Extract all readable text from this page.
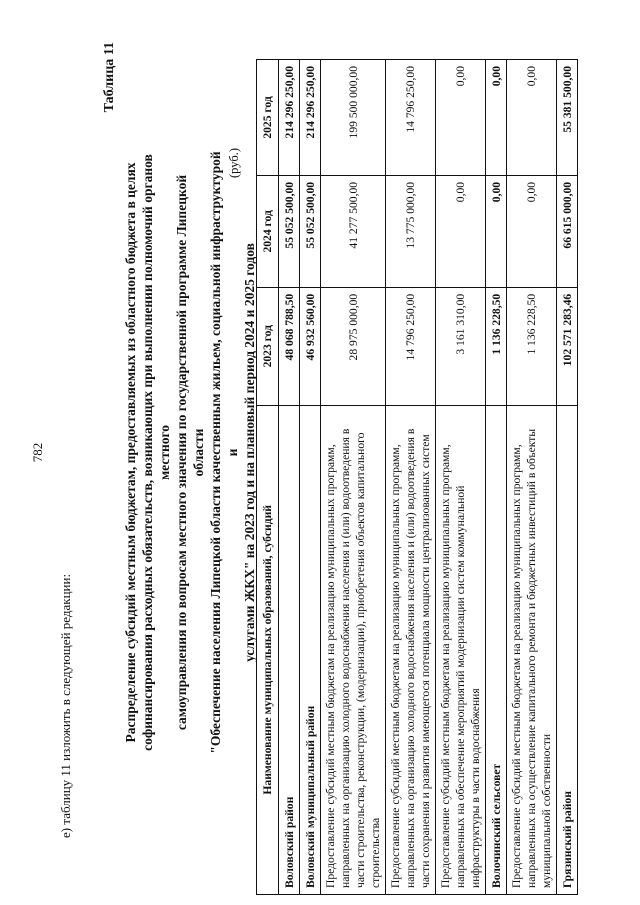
782
е) таблицу 11 изложить в следующей редакции:
Таблица 11
Распределение субсидий местным бюджетам, предоставляемых из областного бюджета в целях софинансирования расходных обязательств, возникающих при выполнении полномочий органов местного самоуправления по вопросам местного значения по государственной программе Липецкой области "Обеспечение населения Липецкой области качественным жильем, социальной инфраструктурой и услугами ЖКХ" на 2023 год и на плановый период 2024 и 2025 годов
(руб.)
Наименование муниципальных образований, субсидий	2023 год	2024 год	2025 год
Воловский район	48 068 788,50	55 052 500,00	214 296 250,00
Воловский муниципальный район	46 932 560,00	55 052 500,00	214 296 250,00
Предоставление субсидий местным бюджетам на реализацию муниципальных программ, направленных на организацию холодного водоснабжения населения и (или) водоотведения в части строительства, реконструкции, (модернизации), приобретения объектов капитального строительства	28 975 000,00	41 277 500,00	199 500 000,00
Предоставление субсидий местным бюджетам на реализацию муниципальных программ, направленных на организацию холодного водоснабжения населения и (или) водоотведения в части сохранения и развития имеющегося потенциала мощности централизованных систем	14 796 250,00	13 775 000,00	14 796 250,00
Предоставление субсидий местным бюджетам на реализацию муниципальных программ, направленных на обеспечение мероприятий модернизации систем коммунальной инфраструктуры в части водоснабжения	3 161 310,00	0,00	0,00
Волочинский сельсовет	1 136 228,50	0,00	0,00
Предоставление субсидий местным бюджетам на реализацию муниципальных программ, направленных на осуществление капитального ремонта и бюджетных инвестиций в объекты муниципальной собственности	1 136 228,50	0,00	0,00
Грязинский район	102 571 283,46	66 615 000,00	55 381 500,00
